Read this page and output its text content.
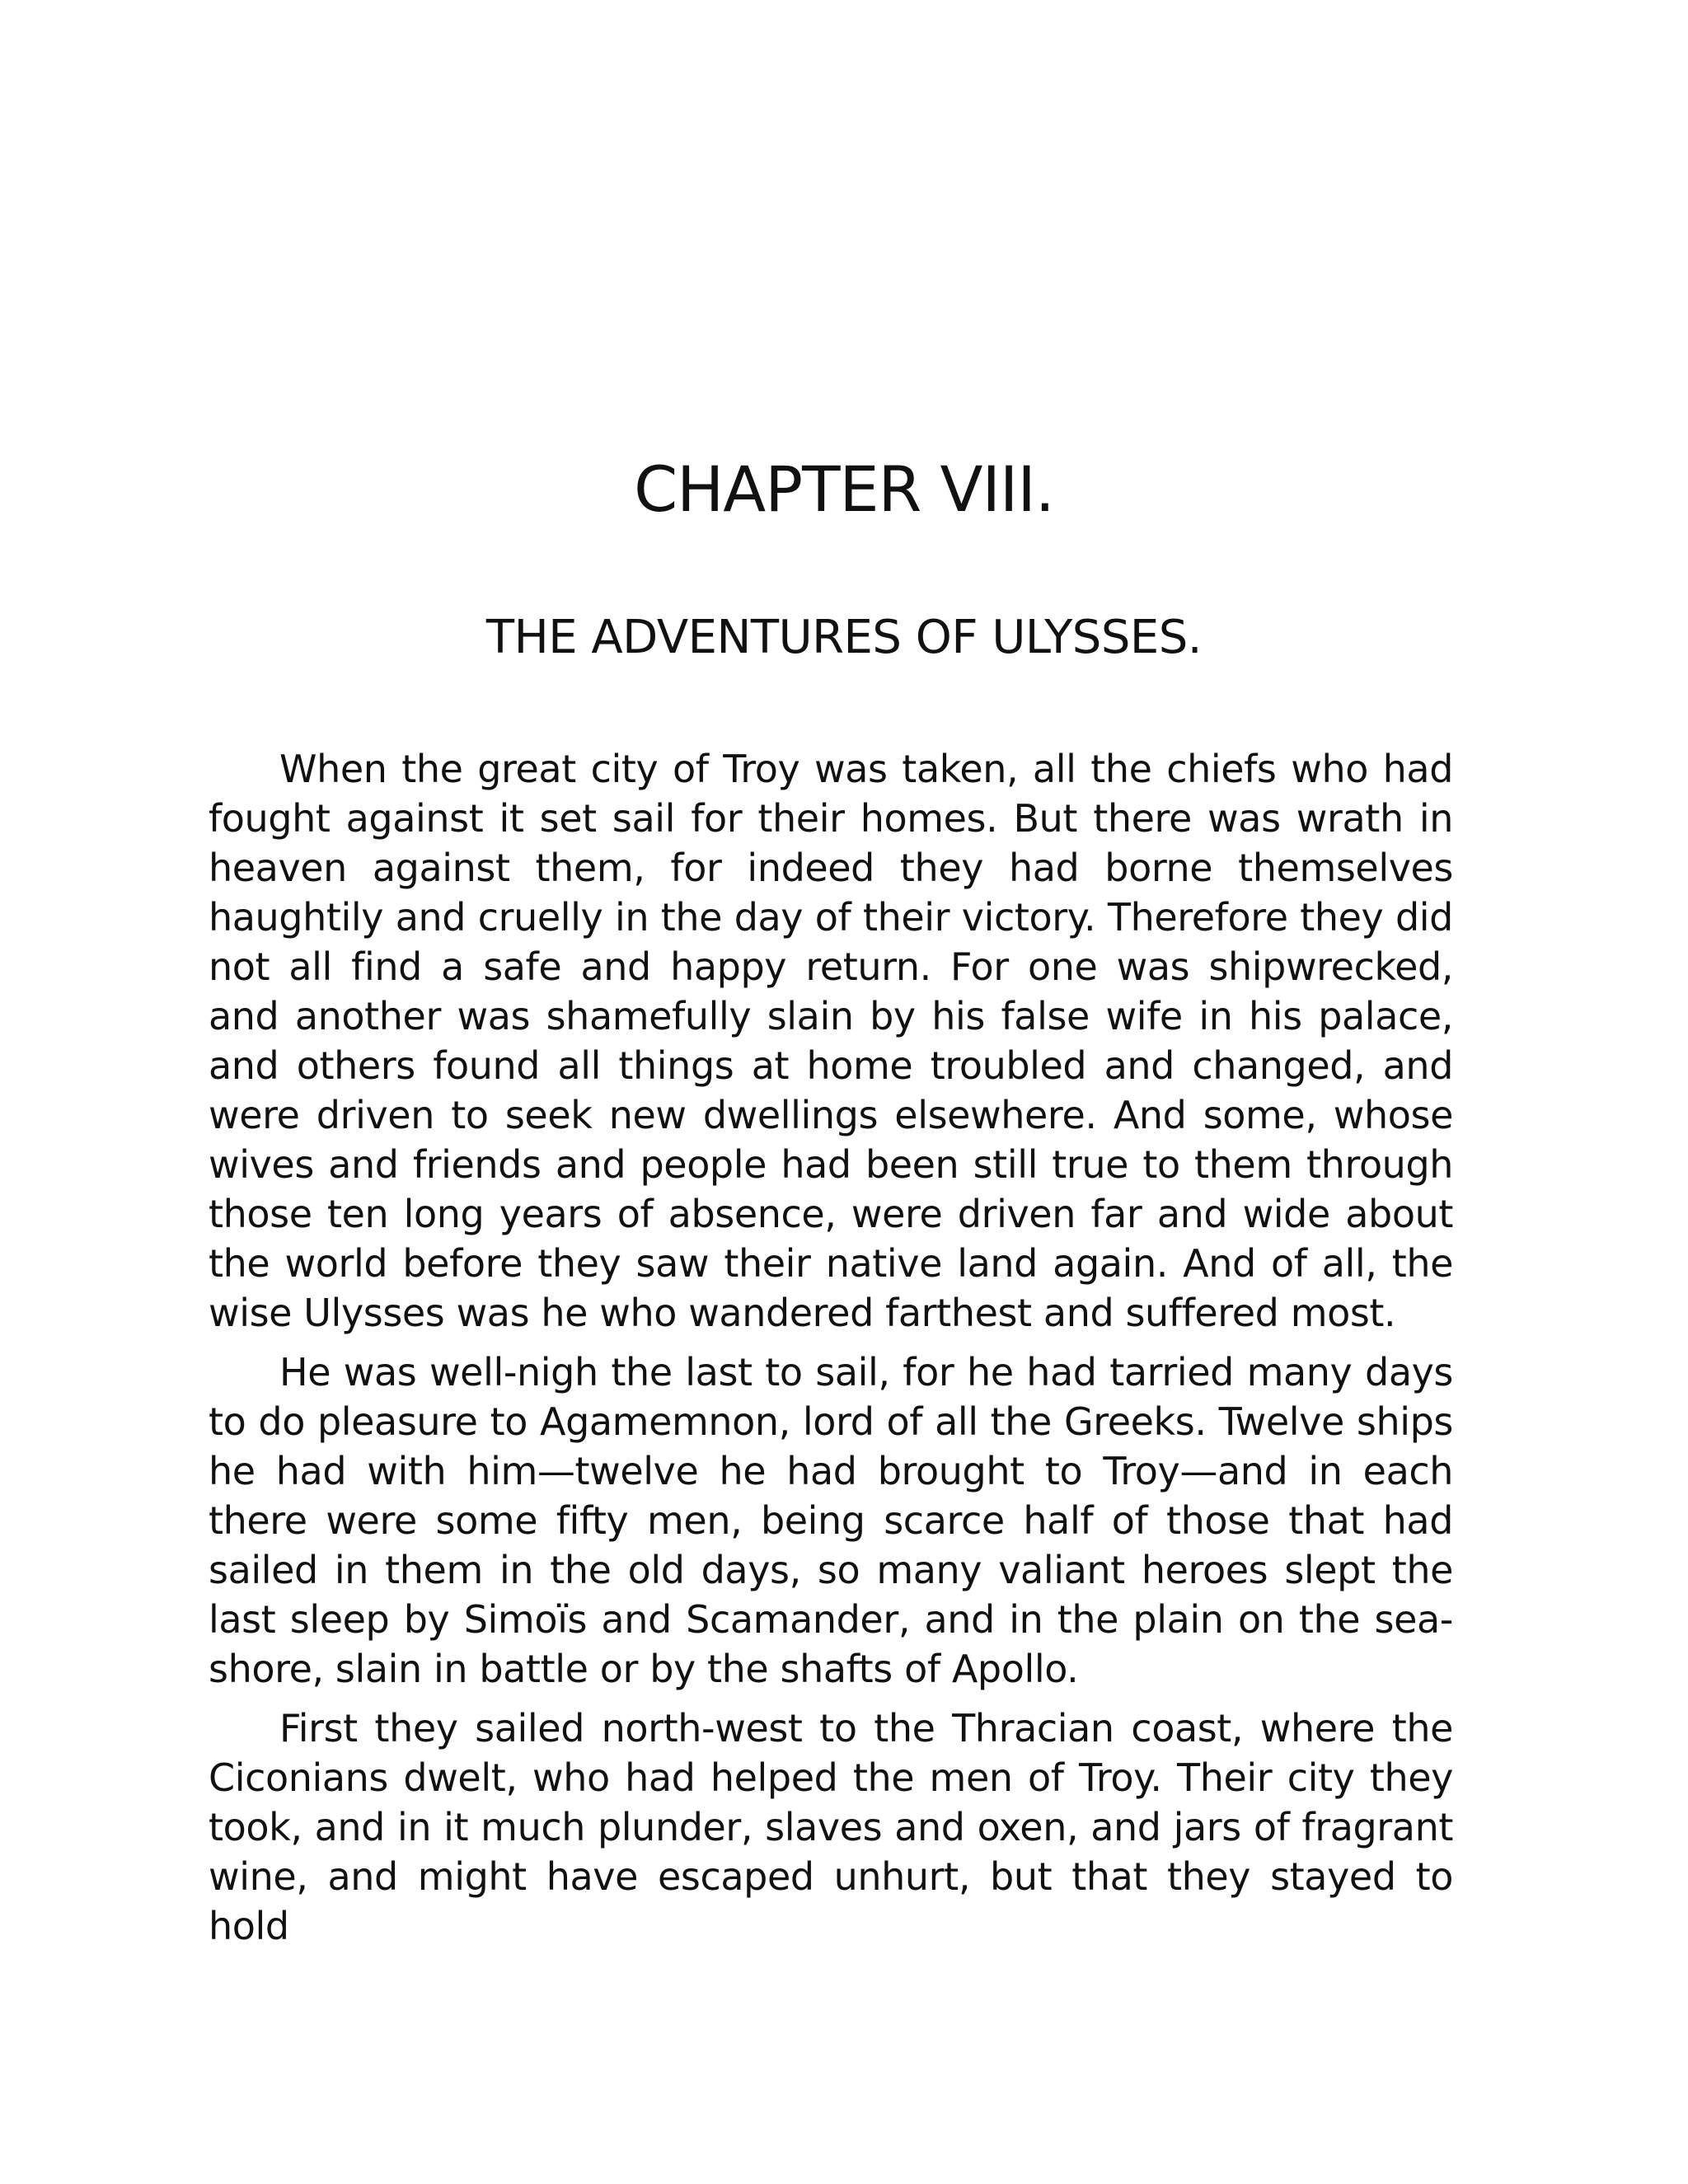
CHAPTER VIII.
THE ADVENTURES OF ULYSSES.

When the great city of Troy was taken, all the chiefs who had fought against it set sail for their homes. But there was wrath in heaven against them, for indeed they had borne themselves haughtily and cruelly in the day of their victory. Therefore they did not all find a safe and happy return. For one was shipwrecked, and another was shamefully slain by his false wife in his palace, and others found all things at home troubled and changed, and were driven to seek new dwellings elsewhere. And some, whose wives and friends and people had been still true to them through those ten long years of absence, were driven far and wide about the world before they saw their native land again. And of all, the wise Ulysses was he who wandered farthest and suffered most.

He was well-nigh the last to sail, for he had tarried many days to do pleasure to Agamemnon, lord of all the Greeks. Twelve ships he had with him—twelve he had brought to Troy—and in each there were some fifty men, being scarce half of those that had sailed in them in the old days, so many valiant heroes slept the last sleep by Simoïs and Scamander, and in the plain on the sea-shore, slain in battle or by the shafts of Apollo.

First they sailed north-west to the Thracian coast, where the Ciconians dwelt, who had helped the men of Troy. Their city they took, and in it much plunder, slaves and oxen, and jars of fragrant wine, and might have escaped unhurt, but that they stayed to hold
